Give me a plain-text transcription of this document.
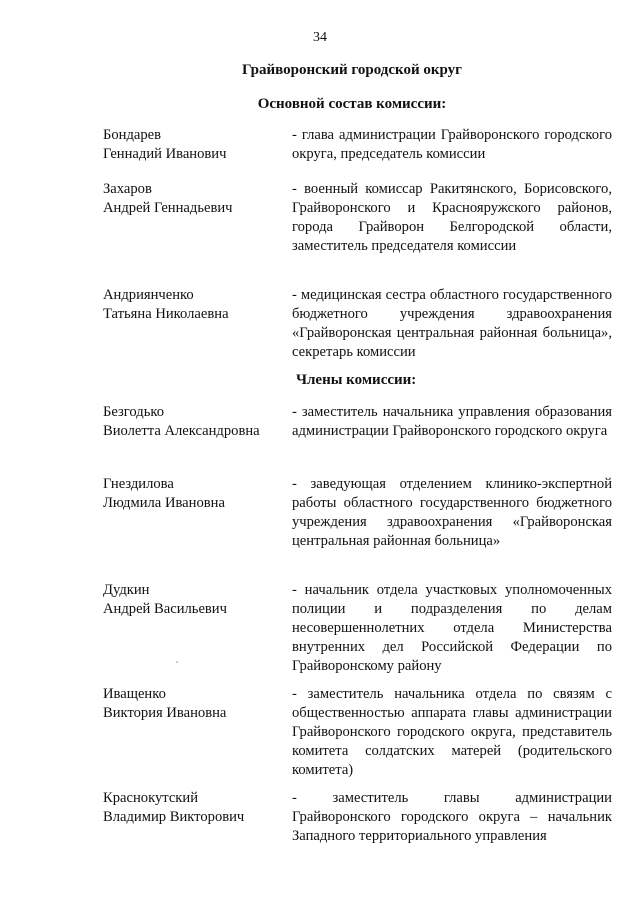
34
Грайворонский городской округ
Основной состав комиссии:
Бондарев
Геннадий Иванович
- глава администрации Грайворонского городского округа, председатель комиссии
Захаров
Андрей Геннадьевич
- военный комиссар Ракитянского, Борисовского, Грайворонского и Краснояружского районов, города Грайворон Белгородской области, заместитель председателя комиссии
Андриянченко
Татьяна Николаевна
- медицинская сестра областного государственного бюджетного учреждения здравоохранения «Грайворонская центральная районная больница», секретарь комиссии
Члены комиссии:
Безгодько
Виолетта Александровна
- заместитель начальника управления образования администрации Грайворонского городского округа
Гнездилова
Людмила Ивановна
- заведующая отделением клинико-экспертной работы областного государственного бюджетного учреждения здравоохранения «Грайворонская центральная районная больница»
Дудкин
Андрей Васильевич
- начальник отдела участковых уполномоченных полиции и подразделения по делам несовершеннолетних отдела Министерства внутренних дел Российской Федерации по Грайворонскому району
Иващенко
Виктория Ивановна
- заместитель начальника отдела по связям с общественностью аппарата главы администрации Грайворонского городского округа, представитель комитета солдатских матерей (родительского комитета)
Краснокутский
Владимир Викторович
- заместитель главы администрации Грайворонского городского округа – начальник Западного территориального управления
